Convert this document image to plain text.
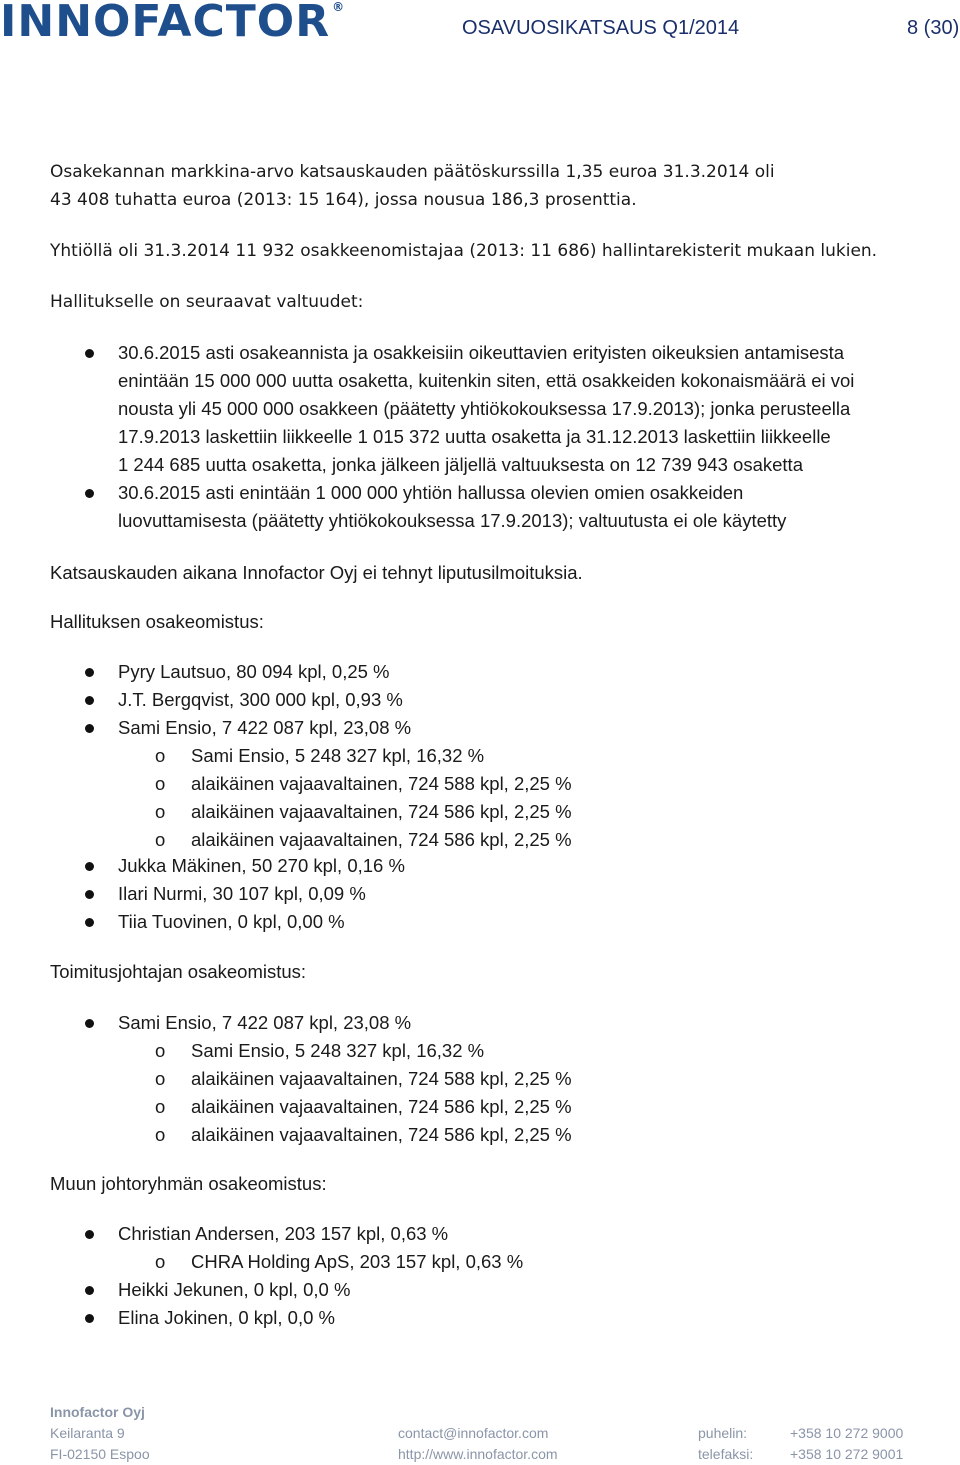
INNOFACTOR ®
OSAVUOSIKATSAUS Q1/2014	8 (30)
Osakekannan markkina-arvo katsauskauden päätöskurssilla 1,35 euroa 31.3.2014 oli
43 408 tuhatta euroa (2013: 15 164), jossa nousua 186,3 prosenttia.
Yhtiöllä oli 31.3.2014 11 932 osakkeenomistajaa (2013: 11 686) hallintarekisterit mukaan lukien.
Hallitukselle on seuraavat valtuudet:
30.6.2015 asti osakeannista ja osakkeisiin oikeuttavien erityisten oikeuksien antamisesta
enintään 15 000 000 uutta osaketta, kuitenkin siten, että osakkeiden kokonaismäärä ei voi
nousta yli 45 000 000 osakkeen (päätetty yhtiökokouksessa 17.9.2013); jonka perusteella
17.9.2013 laskettiin liikkeelle 1 015 372 uutta osaketta ja 31.12.2013 laskettiin liikkeelle
1 244 685 uutta osaketta, jonka jälkeen jäljellä valtuuksesta on 12 739 943 osaketta
30.6.2015 asti enintään 1 000 000 yhtiön hallussa olevien omien osakkeiden
luovuttamisesta (päätetty yhtiökokouksessa 17.9.2013); valtuutusta ei ole käytetty
Katsauskauden aikana Innofactor Oyj ei tehnyt liputusilmoituksia.
Hallituksen osakeomistus:
Pyry Lautsuo, 80 094 kpl, 0,25 %
J.T. Bergqvist, 300 000 kpl, 0,93 %
Sami Ensio, 7 422 087 kpl, 23,08 %
o Sami Ensio, 5 248 327 kpl, 16,32 %
o alaikäinen vajaavaltainen, 724 588 kpl, 2,25 %
o alaikäinen vajaavaltainen, 724 586 kpl, 2,25 %
o alaikäinen vajaavaltainen, 724 586 kpl, 2,25 %
Jukka Mäkinen, 50 270 kpl, 0,16 %
Ilari Nurmi, 30 107 kpl, 0,09 %
Tiia Tuovinen, 0 kpl, 0,00 %
Toimitusjohtajan osakeomistus:
Sami Ensio, 7 422 087 kpl, 23,08 %
o Sami Ensio, 5 248 327 kpl, 16,32 %
o alaikäinen vajaavaltainen, 724 588 kpl, 2,25 %
o alaikäinen vajaavaltainen, 724 586 kpl, 2,25 %
o alaikäinen vajaavaltainen, 724 586 kpl, 2,25 %
Muun johtoryhmän osakeomistus:
Christian Andersen, 203 157 kpl, 0,63 %
o CHRA Holding ApS, 203 157 kpl, 0,63 %
Heikki Jekunen, 0 kpl, 0,0 %
Elina Jokinen, 0 kpl, 0,0 %
Innofactor Oyj
Keilaranta 9
FI-02150 Espoo
contact@innofactor.com
http://www.innofactor.com
puhelin:	+358 10 272 9000
telefaksi:	+358 10 272 9001
